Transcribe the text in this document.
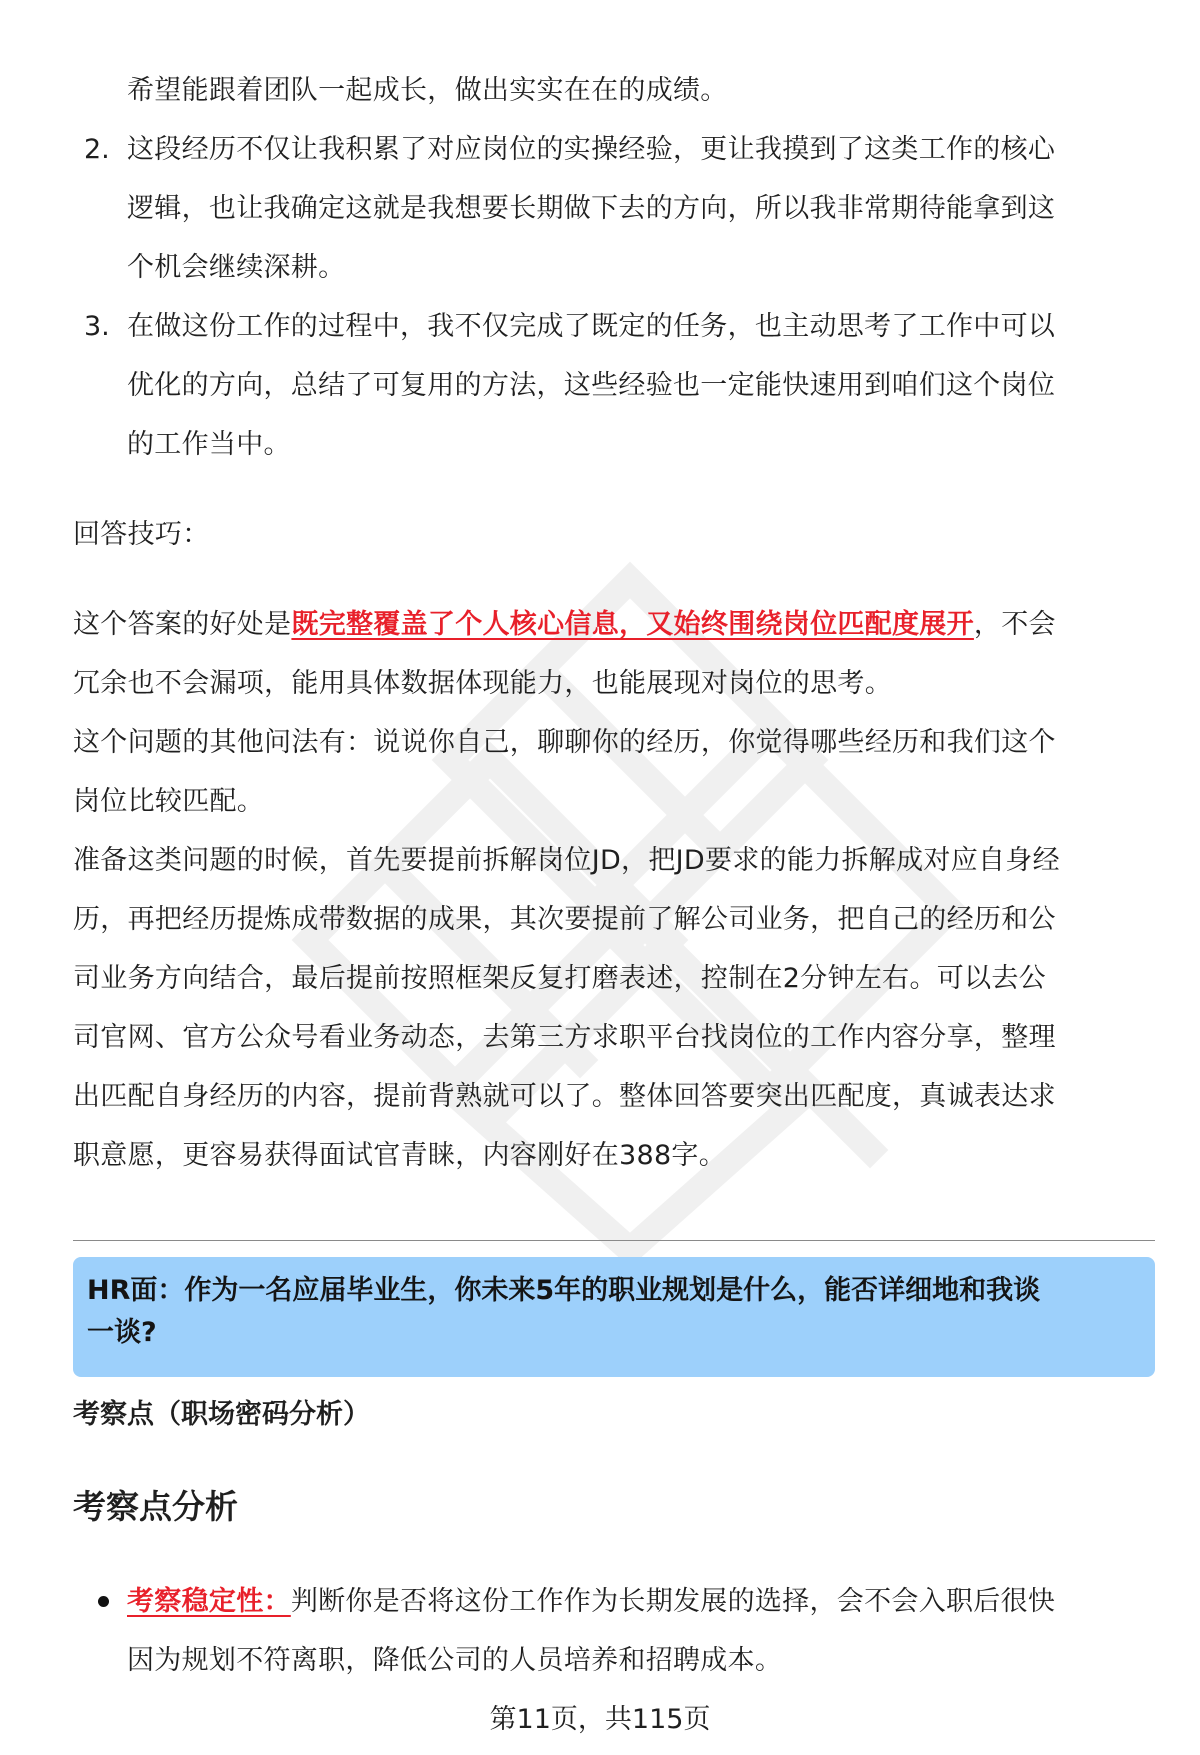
希望能跟着团队一起成长，做出实实在在的成绩。
2. 这段经历不仅让我积累了对应岗位的实操经验，更让我摸到了这类工作的核心
逻辑，也让我确定这就是我想要长期做下去的方向，所以我非常期待能拿到这
个机会继续深耕。
3. 在做这份工作的过程中，我不仅完成了既定的任务，也主动思考了工作中可以
优化的方向，总结了可复用的方法，这些经验也一定能快速用到咱们这个岗位
的工作当中。
回答技巧：
这个答案的好处是既完整覆盖了个人核心信息，又始终围绕岗位匹配度展开，不会
冗余也不会漏项，能用具体数据体现能力，也能展现对岗位的思考。
这个问题的其他问法有：说说你自己，聊聊你的经历，你觉得哪些经历和我们这个
岗位比较匹配。
准备这类问题的时候，首先要提前拆解岗位JD，把JD要求的能力拆解成对应自身经
历，再把经历提炼成带数据的成果，其次要提前了解公司业务，把自己的经历和公
司业务方向结合，最后提前按照框架反复打磨表述，控制在2分钟左右。可以去公
司官网、官方公众号看业务动态，去第三方求职平台找岗位的工作内容分享，整理
出匹配自身经历的内容，提前背熟就可以了。整体回答要突出匹配度，真诚表达求
职意愿，更容易获得面试官青睐，内容刚好在388字。
HR面：作为一名应届毕业生，你未来5年的职业规划是什么，能否详细地和我谈
一谈?
考察点（职场密码分析）
考察点分析
考察稳定性：判断你是否将这份工作作为长期发展的选择，会不会入职后很快
因为规划不符离职，降低公司的人员培养和招聘成本。
第11页，共115页
